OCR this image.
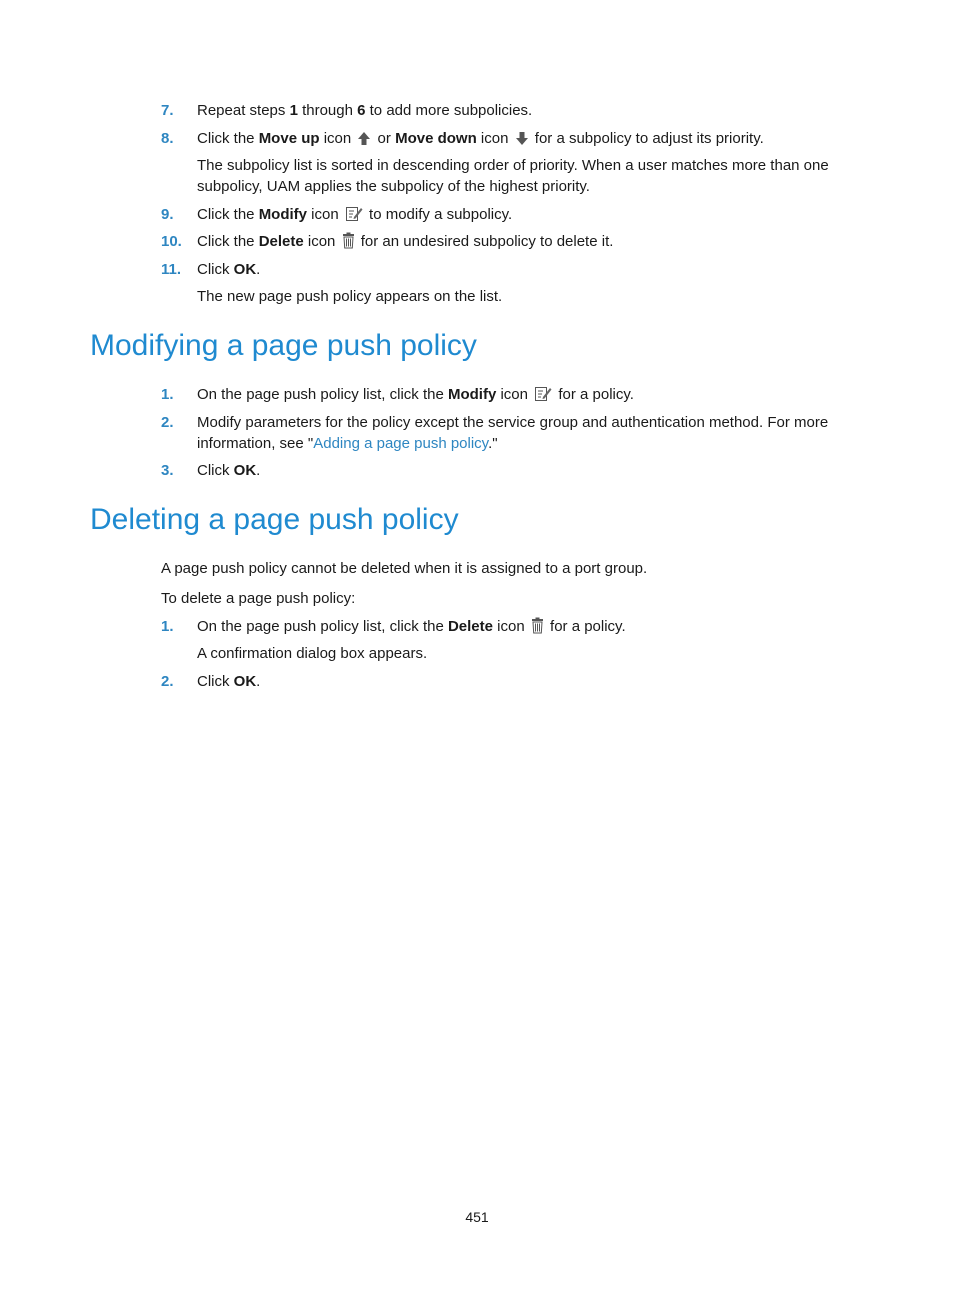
7. Repeat steps 1 through 6 to add more subpolicies.
8. Click the Move up icon  or Move down icon  for a subpolicy to adjust its priority.
The subpolicy list is sorted in descending order of priority. When a user matches more than one subpolicy, UAM applies the subpolicy of the highest priority.
9. Click the Modify icon  to modify a subpolicy.
10. Click the Delete icon  for an undesired subpolicy to delete it.
11. Click OK.
The new page push policy appears on the list.
Modifying a page push policy
1. On the page push policy list, click the Modify icon  for a policy.
2. Modify parameters for the policy except the service group and authentication method. For more information, see "Adding a page push policy."
3. Click OK.
Deleting a page push policy
A page push policy cannot be deleted when it is assigned to a port group.
To delete a page push policy:
1. On the page push policy list, click the Delete icon  for a policy.
A confirmation dialog box appears.
2. Click OK.
451
